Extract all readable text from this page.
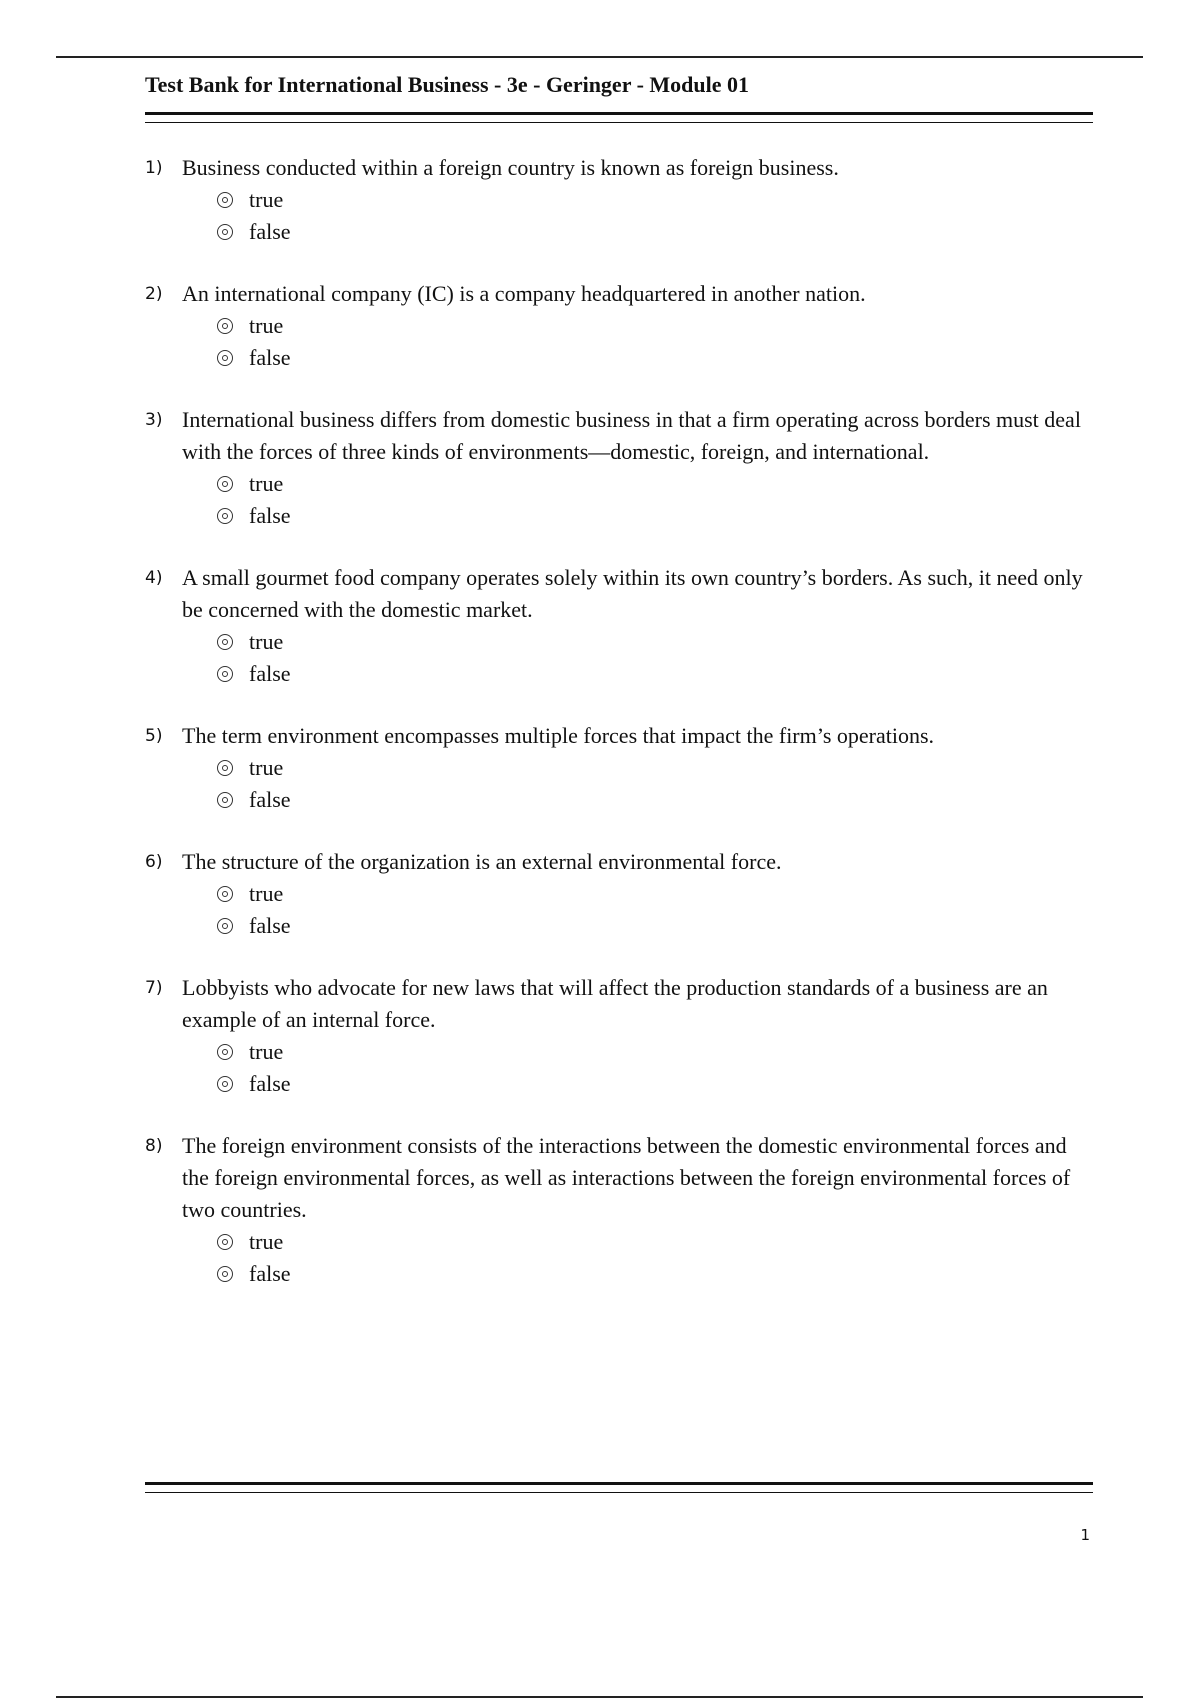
Test Bank for International Business - 3e - Geringer - Module 01
1) Business conducted within a foreign country is known as foreign business.

true
false
2) An international company (IC) is a company headquartered in another nation.

true
false
3) International business differs from domestic business in that a firm operating across borders must deal with the forces of three kinds of environments—domestic, foreign, and international.

true
false
4) A small gourmet food company operates solely within its own country’s borders. As such, it need only be concerned with the domestic market.

true
false
5) The term environment encompasses multiple forces that impact the firm’s operations.

true
false
6) The structure of the organization is an external environmental force.

true
false
7) Lobbyists who advocate for new laws that will affect the production standards of a business are an example of an internal force.

true
false
8) The foreign environment consists of the interactions between the domestic environmental forces and the foreign environmental forces, as well as interactions between the foreign environmental forces of two countries.

true
false
1
